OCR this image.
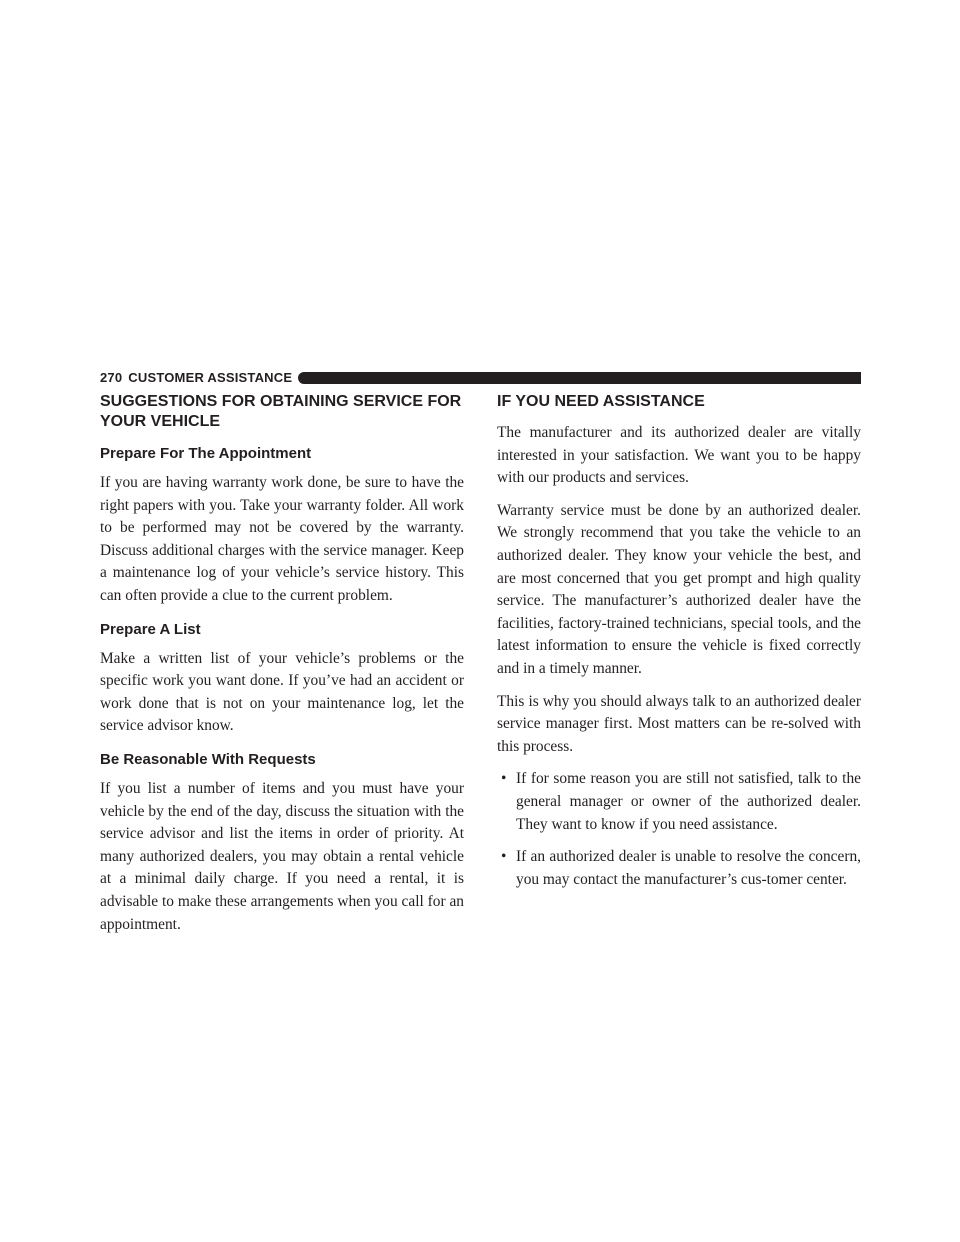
270 CUSTOMER ASSISTANCE
SUGGESTIONS FOR OBTAINING SERVICE FOR YOUR VEHICLE
Prepare For The Appointment

If you are having warranty work done, be sure to have the right papers with you. Take your warranty folder. All work to be performed may not be covered by the warranty. Discuss additional charges with the service manager. Keep a maintenance log of your vehicle’s service history. This can often provide a clue to the current problem.

Prepare A List

Make a written list of your vehicle’s problems or the specific work you want done. If you’ve had an accident or work done that is not on your maintenance log, let the service advisor know.

Be Reasonable With Requests

If you list a number of items and you must have your vehicle by the end of the day, discuss the situation with the service advisor and list the items in order of priority. At many authorized dealers, you may obtain a rental vehicle at a minimal daily charge. If you need a rental, it is advisable to make these arrangements when you call for an appointment.

IF YOU NEED ASSISTANCE

The manufacturer and its authorized dealer are vitally interested in your satisfaction. We want you to be happy with our products and services.

Warranty service must be done by an authorized dealer. We strongly recommend that you take the vehicle to an authorized dealer. They know your vehicle the best, and are most concerned that you get prompt and high quality service. The manufacturer’s authorized dealer have the facilities, factory-trained technicians, special tools, and the latest information to ensure the vehicle is fixed correctly and in a timely manner.

This is why you should always talk to an authorized dealer service manager first. Most matters can be re-solved with this process.

• If for some reason you are still not satisfied, talk to the general manager or owner of the authorized dealer. They want to know if you need assistance.
• If an authorized dealer is unable to resolve the concern, you may contact the manufacturer’s cus-tomer center.
